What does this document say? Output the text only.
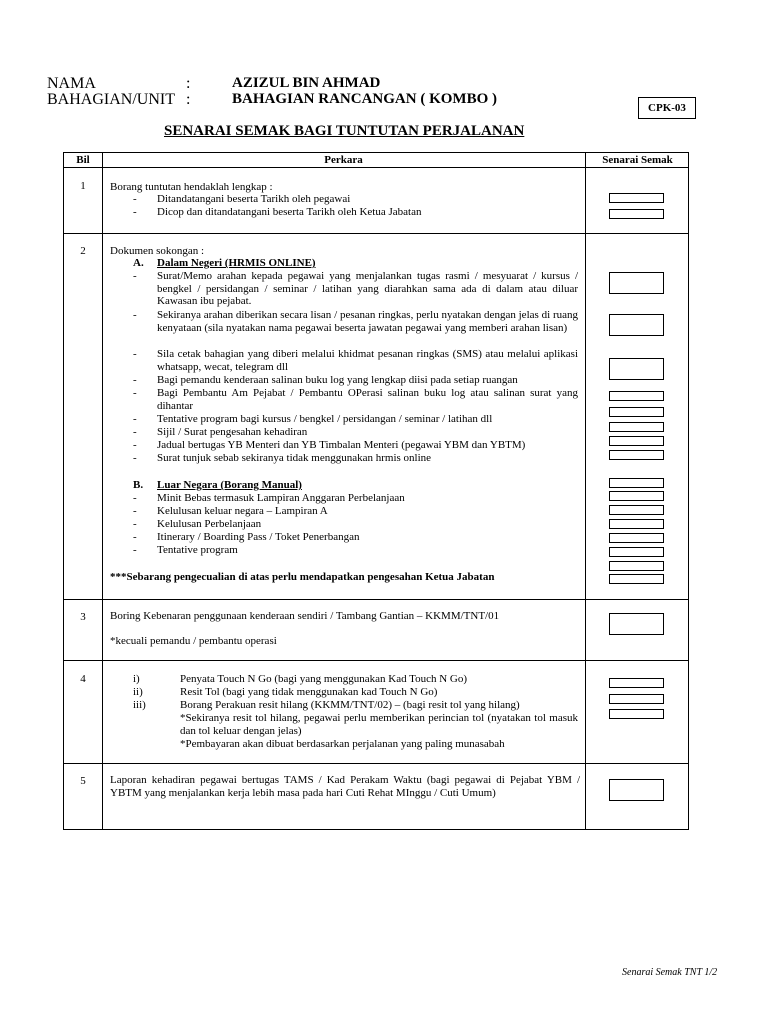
NAMA	:	AZIZUL BIN AHMAD
BAHAGIAN/UNIT :	BAHAGIAN RANCANGAN ( KOMBO )
CPK-03
SENARAI SEMAK BAGI TUNTUTAN PERJALANAN
Bil	Perkara	Senarai Semak
1 Borang tuntutan hendaklah lengkap :
- Ditandatangani beserta Tarikh oleh pegawai
- Dicop dan ditandatangani beserta Tarikh oleh Ketua Jabatan
2 Dokumen sokongan :
A. Dalam Negeri (HRMIS ONLINE)
- Surat/Memo arahan kepada pegawai yang menjalankan tugas rasmi / mesyuarat / kursus / bengkel / persidangan / seminar / latihan yang diarahkan sama ada di dalam atau diluar Kawasan ibu pejabat.
- Sekiranya arahan diberikan secara lisan / pesanan ringkas, perlu nyatakan dengan jelas di ruang kenyataan (sila nyatakan nama pegawai beserta jawatan pegawai yang memberi arahan lisan)
- Sila cetak bahagian yang diberi melalui khidmat pesanan ringkas (SMS) atau melalui aplikasi whatsapp, wecat, telegram dll
- Bagi pemandu kenderaan salinan buku log yang lengkap diisi pada setiap ruangan
- Bagi Pembantu Am Pejabat / Pembantu OPerasi salinan buku log atau salinan surat yang dihantar
- Tentative program bagi kursus / bengkel / persidangan / seminar / latihan dll
- Sijil / Surat pengesahan kehadiran
- Jadual bertugas YB Menteri dan YB Timbalan Menteri (pegawai YBM dan YBTM)
- Surat tunjuk sebab sekiranya tidak menggunakan hrmis online
B. Luar Negara (Borang Manual)
- Minit Bebas termasuk Lampiran Anggaran Perbelanjaan
- Kelulusan keluar negara – Lampiran A
- Kelulusan Perbelanjaan
- Itinerary / Boarding Pass / Toket Penerbangan
- Tentative program
***Sebarang pengecualian di atas perlu mendapatkan pengesahan Ketua Jabatan
3 Boring Kebenaran penggunaan kenderaan sendiri / Tambang Gantian – KKMM/TNT/01
*kecuali pemandu / pembantu operasi
4	i)	Penyata Touch N Go (bagi yang menggunakan Kad Touch N Go)
ii)	Resit Tol (bagi yang tidak menggunakan kad Touch N Go)
iii)	Borang Perakuan resit hilang (KKMM/TNT/02) – (bagi resit tol yang hilang)
*Sekiranya resit tol hilang, pegawai perlu memberikan perincian tol (nyatakan tol masuk dan tol keluar dengan jelas)
*Pembayaran akan dibuat berdasarkan perjalanan yang paling munasabah
5 Laporan kehadiran pegawai bertugas TAMS / Kad Perakam Waktu (bagi pegawai di Pejabat YBM / YBTM yang menjalankan kerja lebih masa pada hari Cuti Rehat MInggu / Cuti Umum)
Senarai Semak TNT 1/2
